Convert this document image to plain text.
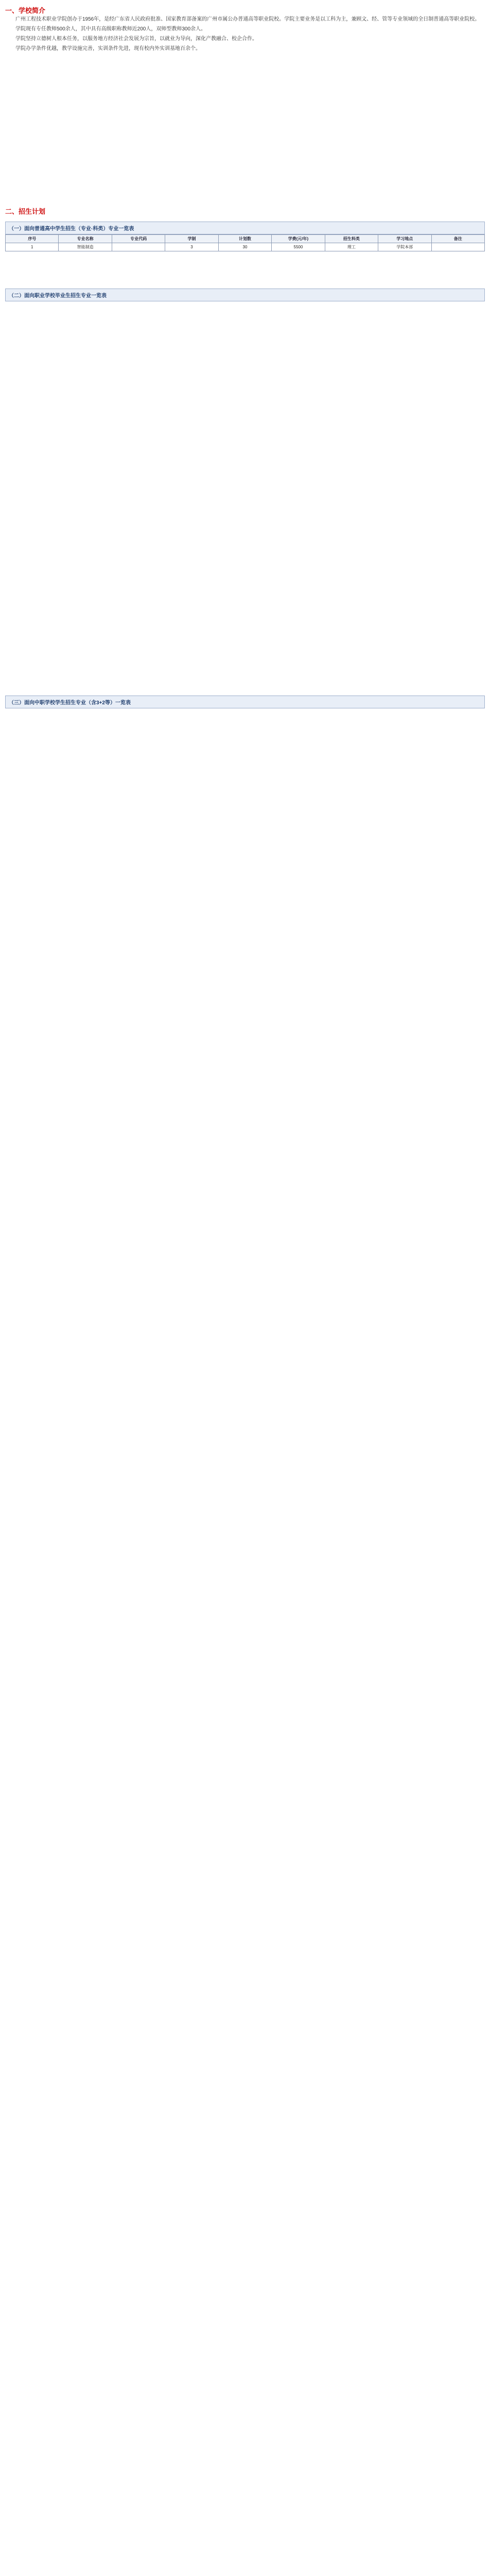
一、学校简介

广州工程技术职业学院创办于1956年，是经广东省人民政府批准、国家教育部备案的广州市属公办普通高等职业院校。学院主要业务是以工科为主，兼顾文、经、管等专业领域的全日制普通高等职业院校。

学院现有专任教师500余人，其中具有高级职称教师近200人，双师型教师300余人。

学院坚持立德树人根本任务，以服务地方经济社会发展为宗旨，以就业为导向，深化产教融合、校企合作。

学院办学条件优越，教学设施完善，实训条件先进，现有校内外实训基地百余个。

二、招生计划

（一）面向普通高中学生招生（专业·科类）专业一览表
序号	专业名称	专业代码	学制	计划数	学费(元/年)	招生科类	学习地点	备注
1	智能制造		3	30	5500	理工	学院本部	
（二）面向职业学校毕业生招生专业一览表
（三）面向中职学校学生招生专业（含3+2等）一览表
